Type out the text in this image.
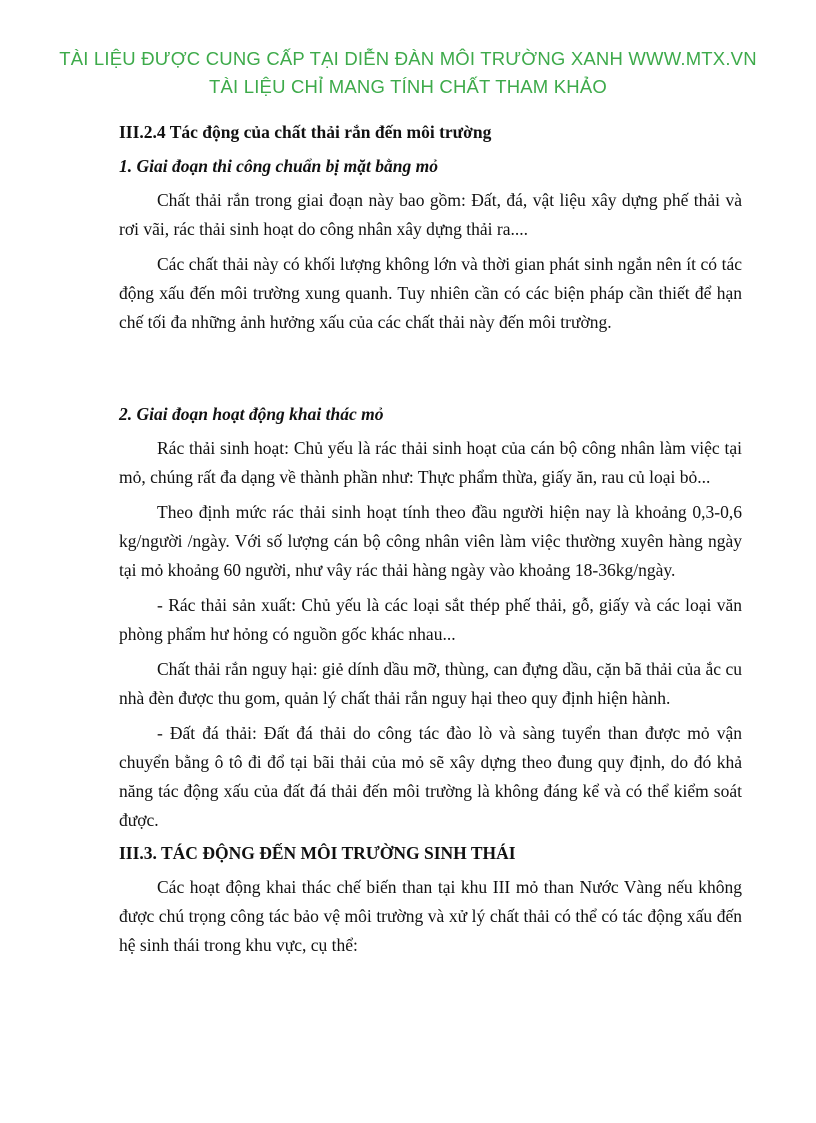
TÀI LIỆU ĐƯỢC CUNG CẤP TẠI DIỄN ĐÀN MÔI TRƯỜNG XANH WWW.MTX.VN
TÀI LIỆU CHỈ MANG TÍNH CHẤT THAM KHẢO

III.2.4 Tác động của chất thải rắn đến môi trường

1. Giai đoạn thi công chuẩn bị mặt bằng mỏ

Chất thải rắn trong giai đoạn này bao gồm: Đất, đá, vật liệu xây dựng phế thải và rơi vãi, rác thải sinh hoạt do công nhân xây dựng thải ra....

Các chất thải này có khối lượng không lớn và thời gian phát sinh ngắn nên ít có tác động xấu đến môi trường xung quanh. Tuy nhiên cần có các biện pháp cần thiết để hạn chế tối đa những ảnh hưởng xấu của các chất thải này đến môi trường.

2. Giai đoạn hoạt động khai thác mỏ

Rác thải sinh hoạt: Chủ yếu là rác thải sinh hoạt của cán bộ công nhân làm việc tại mỏ, chúng rất đa dạng về thành phần như: Thực phẩm thừa, giấy ăn, rau củ loại bỏ...

Theo định mức rác thải sinh hoạt tính theo đầu người hiện nay là khoảng 0,3-0,6 kg/người /ngày. Với số lượng cán bộ công nhân viên làm việc thường xuyên hàng ngày tại mỏ khoảng 60 người, như vây rác thải hàng ngày vào khoảng 18-36kg/ngày.

- Rác thải sản xuất: Chủ yếu là các loại sắt thép phế thải, gỗ, giấy và các loại văn phòng phẩm hư hỏng có nguồn gốc khác nhau...

Chất thải rắn nguy hại: giẻ dính dầu mỡ, thùng, can đựng dầu, cặn bã thải của ắc cu nhà đèn được thu gom, quản lý chất thải rắn nguy hại theo quy định hiện hành.

- Đất đá thải: Đất đá thải do công tác đào lò và sàng tuyển than được mỏ vận chuyển bằng ô tô đi đổ tại bãi thải của mỏ sẽ xây dựng theo đung quy định, do đó khả năng tác động xấu của đất đá thải đến môi trường là không đáng kể và có thể kiểm soát được.

III.3. TÁC ĐỘNG ĐẾN MÔI TRƯỜNG SINH THÁI

Các hoạt động khai thác chế biến than tại khu III mỏ than Nước Vàng nếu không được chú trọng công tác bảo vệ môi trường và xử lý chất thải có thể có tác động xấu đến hệ sinh thái trong khu vực, cụ thể:
